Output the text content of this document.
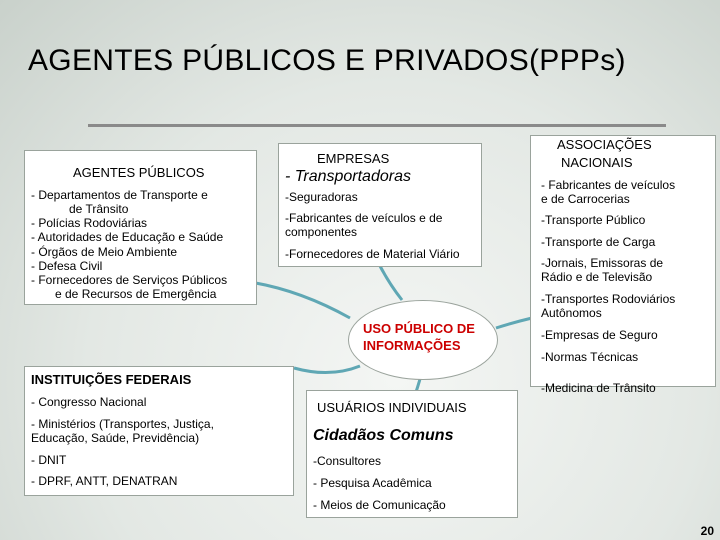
AGENTES PÚBLICOS E PRIVADOS(PPPs)
AGENTES PÚBLICOS
- Departamentos de Transporte e
de Trânsito
- Polícias Rodoviárias
- Autoridades de Educação e Saúde
- Órgãos de Meio Ambiente
- Defesa Civil
- Fornecedores de Serviços Públicos
e de Recursos de Emergência
EMPRESAS
- Transportadoras
-Seguradoras
-Fabricantes de veículos e de
componentes
-Fornecedores de Material Viário
ASSOCIAÇÕES
NACIONAIS
- Fabricantes de veículos
e de Carrocerias
-Transporte Público
-Transporte de Carga
-Jornais, Emissoras de
Rádio e de Televisão
-Transportes Rodoviários
Autônomos
-Empresas de Seguro
-Normas Técnicas
-Medicina de Trânsito
USO PÚBLICO DE
INFORMAÇÕES
INSTITUIÇÕES FEDERAIS
- Congresso Nacional
- Ministérios (Transportes, Justiça,
Educação, Saúde, Previdência)
- DNIT
- DPRF, ANTT, DENATRAN
USUÁRIOS INDIVIDUAIS
Cidadãos Comuns
-Consultores
- Pesquisa Acadêmica
- Meios de Comunicação
20
